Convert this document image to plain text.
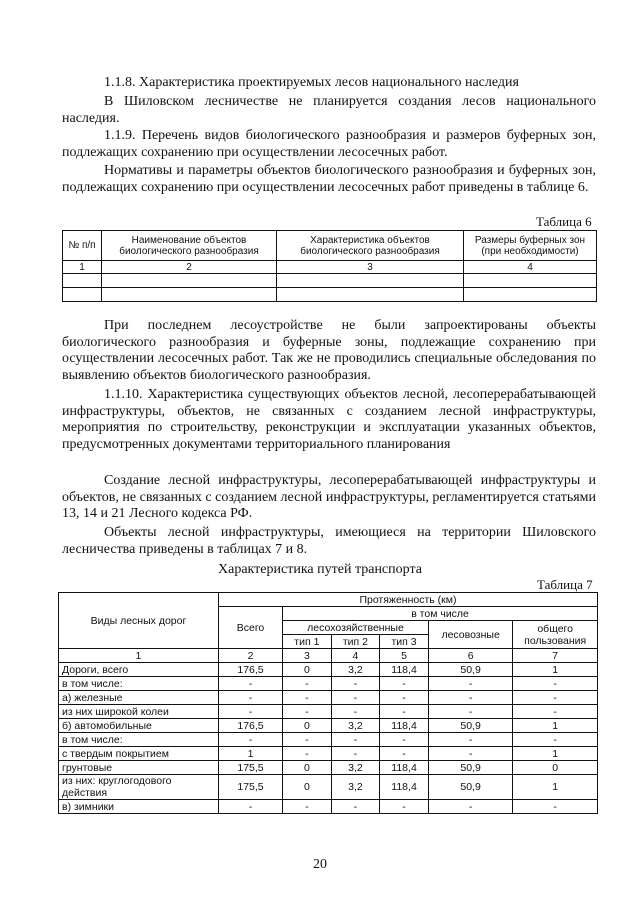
1.1.8. Характеристика проектируемых лесов национального наследия

В Шиловском лесничестве не планируется создания лесов национального наследия.

1.1.9. Перечень видов биологического разнообразия и размеров буферных зон, подлежащих сохранению при осуществлении лесосечных работ.

Нормативы и параметры объектов биологического разнообразия и буферных зон, подлежащих сохранению при осуществлении лесосечных работ приведены в таблице 6.

Таблица 6
№ п/п	Наименование объектов биологического разнообразия	Характеристика объектов биологического разнообразия	Размеры буферных зон (при необходимости)
1	2	3	4

При последнем лесоустройстве не были запроектированы объекты биологического разнообразия и буферные зоны, подлежащие сохранению при осуществлении лесосечных работ. Так же не проводились специальные обследования по выявлению объектов биологического разнообразия.

1.1.10. Характеристика существующих объектов лесной, лесоперерабатывающей инфраструктуры, объектов, не связанных с созданием лесной инфраструктуры, мероприятия по строительству, реконструкции и эксплуатации указанных объектов, предусмотренных документами территориального планирования

Создание лесной инфраструктуры, лесоперерабатывающей инфраструктуры и объектов, не связанных с созданием лесной инфраструктуры, регламентируется статьями 13, 14 и 21 Лесного кодекса РФ.

Объекты лесной инфраструктуры, имеющиеся на территории Шиловского лесничества приведены в таблицах 7 и 8.

Характеристика путей транспорта
Таблица 7
Виды лесных дорог	Протяженность (км)					
	Всего	в том числе				
		лесохозяйственные			лесовозные	общего пользования
		тип 1	тип 2	тип 3		
1	2	3	4	5	6	7
Дороги, всего	176,5	0	3,2	118,4	50,9	1
в том числе:	-	-	-	-	-	-
а) железные	-	-	-	-	-	-
из них широкой колеи	-	-	-	-	-	-
б) автомобильные	176,5	0	3,2	118,4	50,9	1
в том числе:	-	-	-	-	-	-
с твердым покрытием	1	-	-	-	-	1
грунтовые	175,5	0	3,2	118,4	50,9	0
из них: круглогодового действия	175,5	0	3,2	118,4	50,9	1
в) зимники	-	-	-	-	-	-
20
